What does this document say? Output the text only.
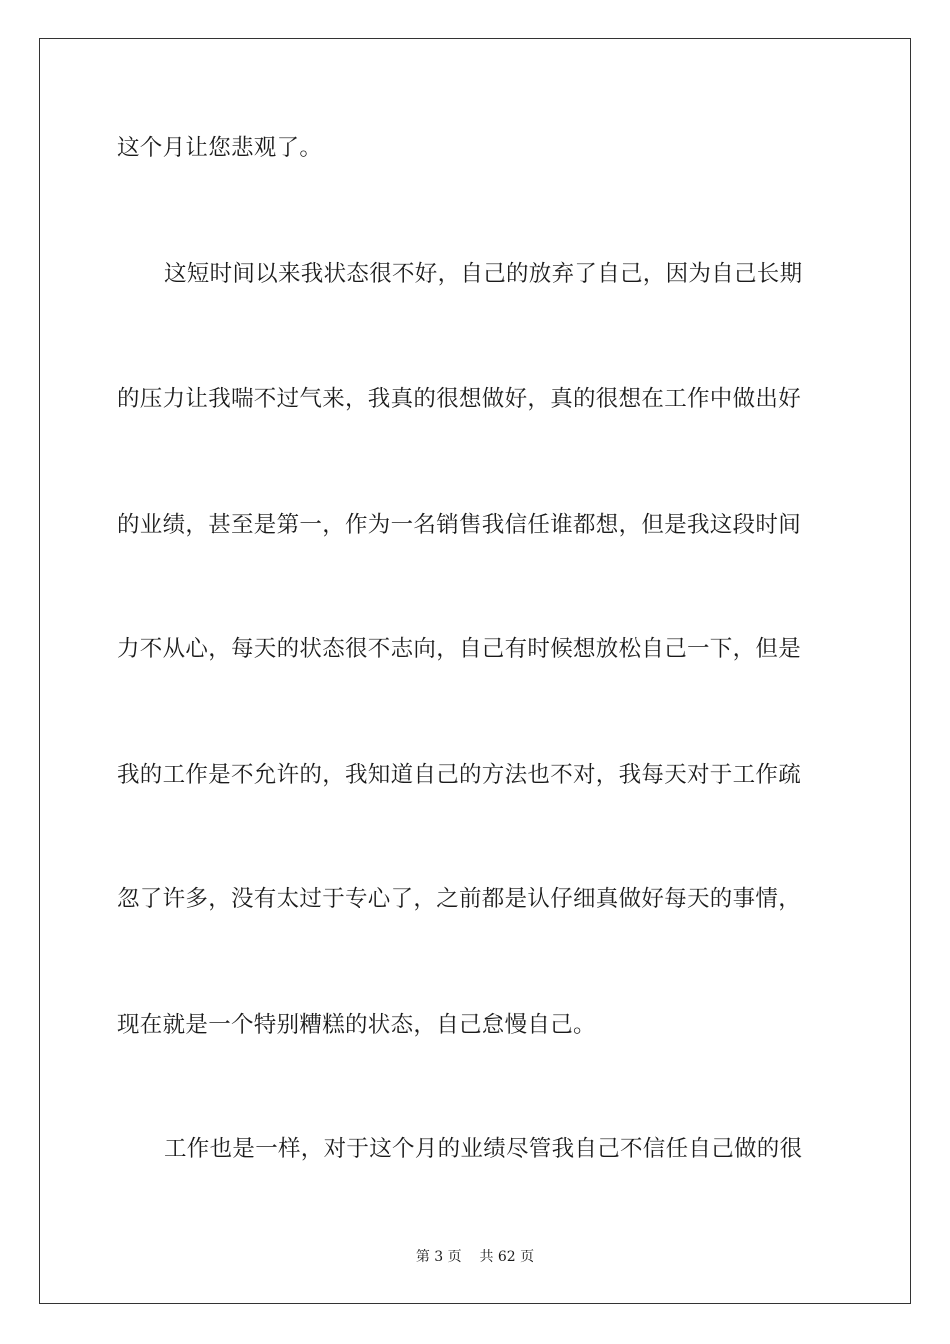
这个月让您悲观了。
这短时间以来我状态很不好，自己的放弃了自己，因为自己长期
的压力让我喘不过气来，我真的很想做好，真的很想在工作中做出好
的业绩，甚至是第一，作为一名销售我信任谁都想，但是我这段时间
力不从心，每天的状态很不志向，自己有时候想放松自己一下，但是
我的工作是不允许的，我知道自己的方法也不对，我每天对于工作疏
忽了许多，没有太过于专心了，之前都是认仔细真做好每天的事情，
现在就是一个特别糟糕的状态，自己怠慢自己。
工作也是一样，对于这个月的业绩尽管我自己不信任自己做的很
第 3 页 共 62 页
